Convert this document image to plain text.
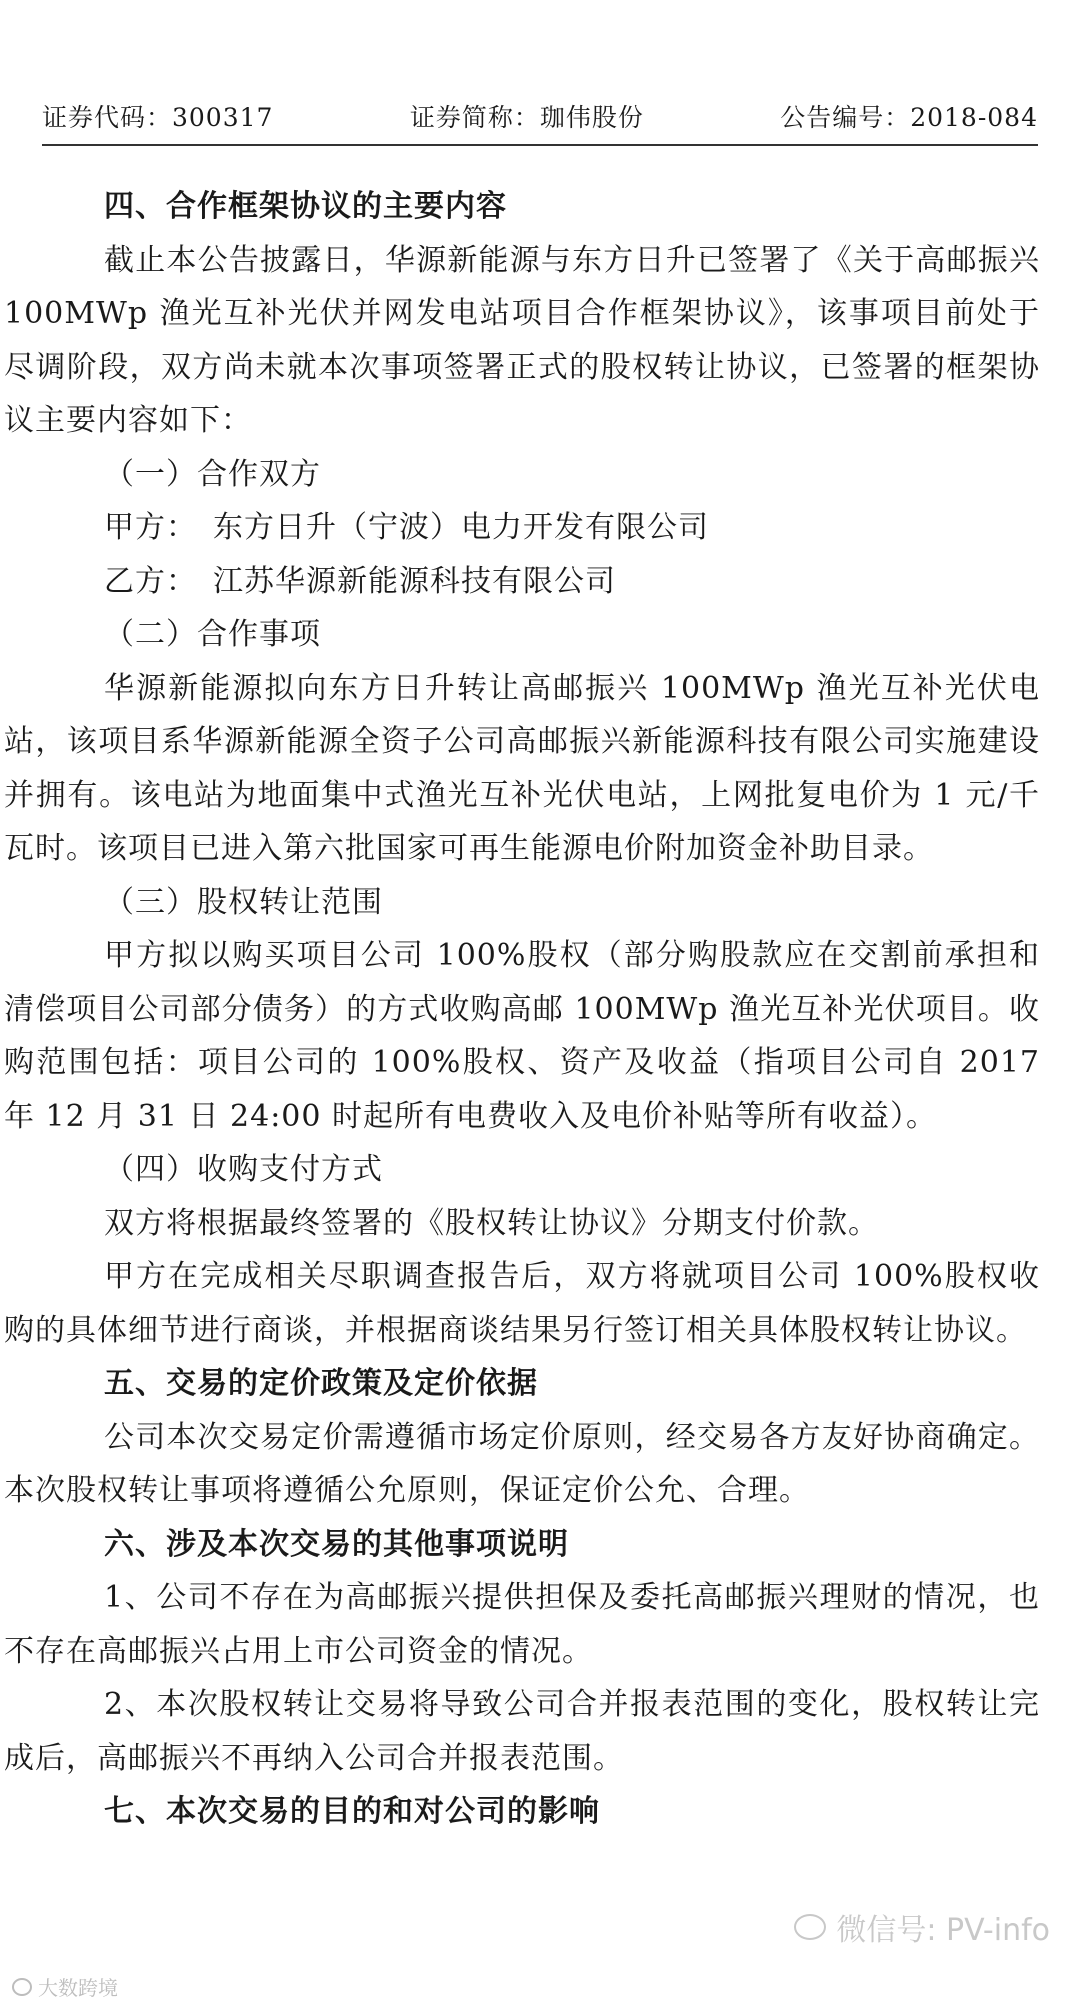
证券代码：300317	证券简称：珈伟股份	公告编号：2018-084

四、合作框架协议的主要内容

截止本公告披露日，华源新能源与东方日升已签署了《关于高邮振兴 100MWp 渔光互补光伏并网发电站项目合作框架协议》，该事项目前处于尽调阶段，双方尚未就本次事项签署正式的股权转让协议，已签署的框架协议主要内容如下：

（一）合作双方

甲方：　东方日升（宁波）电力开发有限公司

乙方：　江苏华源新能源科技有限公司

（二）合作事项

华源新能源拟向东方日升转让高邮振兴 100MWp 渔光互补光伏电站，该项目系华源新能源全资子公司高邮振兴新能源科技有限公司实施建设并拥有。该电站为地面集中式渔光互补光伏电站，上网批复电价为 1 元/千瓦时。该项目已进入第六批国家可再生能源电价附加资金补助目录。

（三）股权转让范围

甲方拟以购买项目公司 100%股权（部分购股款应在交割前承担和清偿项目公司部分债务）的方式收购高邮 100MWp 渔光互补光伏项目。收购范围包括：项目公司的 100%股权、资产及收益（指项目公司自 2017 年 12 月 31 日 24:00 时起所有电费收入及电价补贴等所有收益）。

（四）收购支付方式

双方将根据最终签署的《股权转让协议》分期支付价款。

甲方在完成相关尽职调查报告后，双方将就项目公司 100%股权收购的具体细节进行商谈，并根据商谈结果另行签订相关具体股权转让协议。

五、交易的定价政策及定价依据

公司本次交易定价需遵循市场定价原则，经交易各方友好协商确定。本次股权转让事项将遵循公允原则，保证定价公允、合理。

六、涉及本次交易的其他事项说明

1、公司不存在为高邮振兴提供担保及委托高邮振兴理财的情况，也不存在高邮振兴占用上市公司资金的情况。

2、本次股权转让交易将导致公司合并报表范围的变化，股权转让完成后，高邮振兴不再纳入公司合并报表范围。

七、本次交易的目的和对公司的影响

微信号: PV-info
大数跨境
